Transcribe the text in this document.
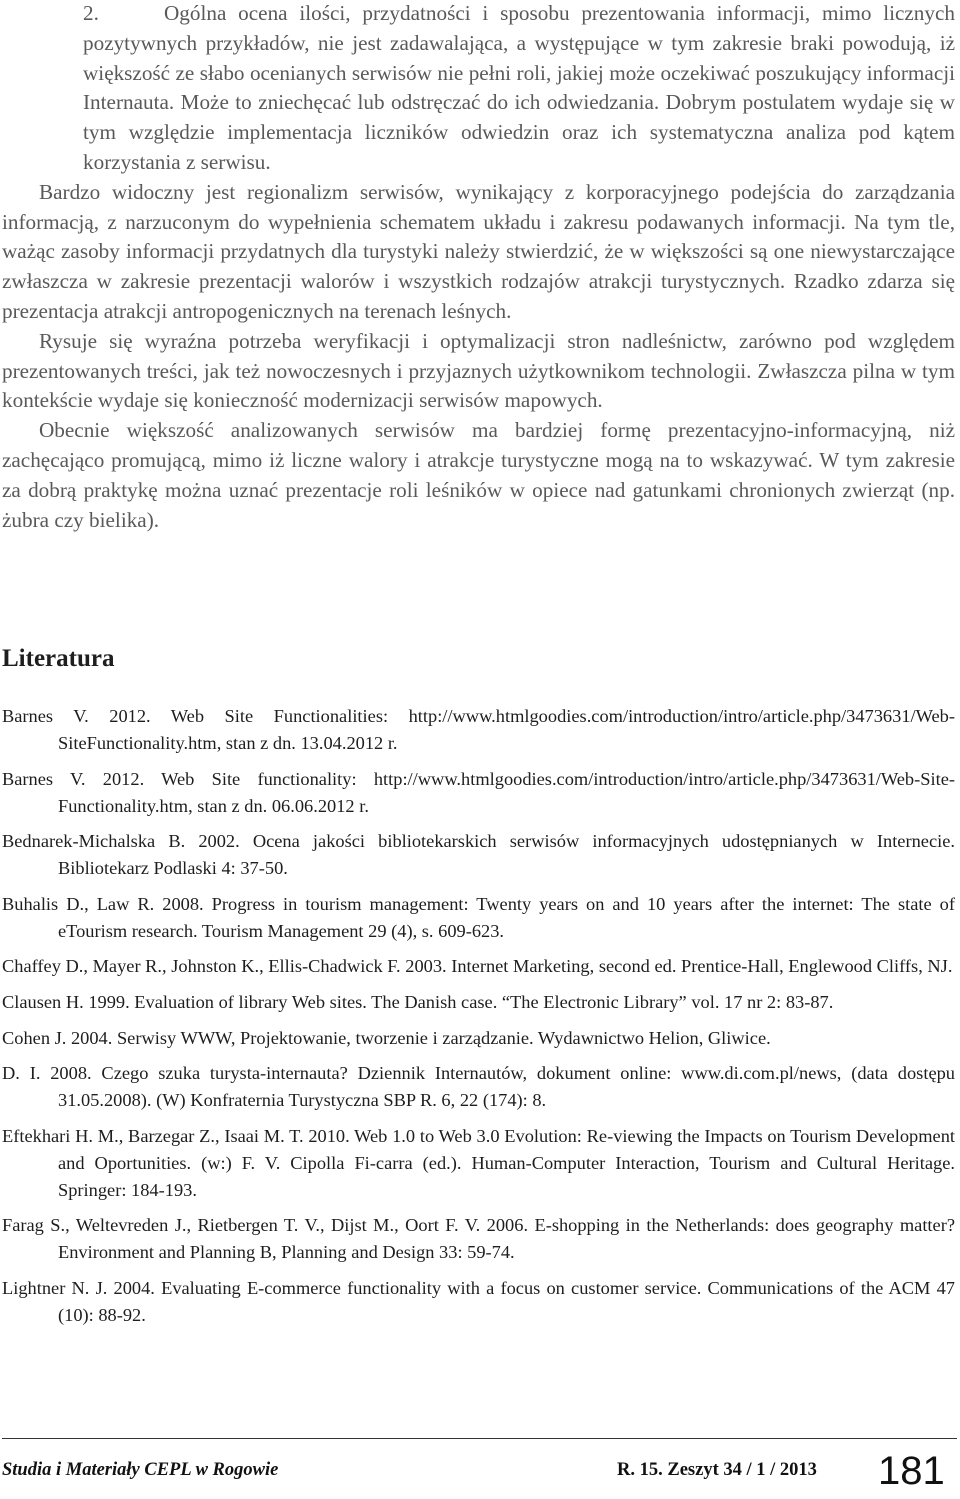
2.	Ogólna ocena ilości, przydatności i sposobu prezentowania informacji, mimo licznych pozytywnych przykładów, nie jest zadawalająca, a występujące w tym zakresie braki powodują, iż większość ze słabo ocenianych serwisów nie pełni roli, jakiej może oczekiwać poszukujący informacji Internauta. Może to zniechęcać lub odstręczać do ich odwiedzania. Dobrym postulatem wydaje się w tym względzie implementacja liczników odwiedzin oraz ich systematyczna analiza pod kątem korzystania z serwisu.

Bardzo widoczny jest regionalizm serwisów, wynikający z korporacyjnego podejścia do zarządzania informacją, z narzuconym do wypełnienia schematem układu i zakresu podawanych informacji. Na tym tle, ważąc zasoby informacji przydatnych dla turystyki należy stwierdzić, że w większości są one niewystarczające zwłaszcza w zakresie prezentacji walorów i wszystkich rodzajów atrakcji turystycznych. Rzadko zdarza się prezentacja atrakcji antropogenicznych na terenach leśnych.

Rysuje się wyraźna potrzeba weryfikacji i optymalizacji stron nadleśnictw, zarówno pod względem prezentowanych treści, jak też nowoczesnych i przyjaznych użytkownikom technologii. Zwłaszcza pilna w tym kontekście wydaje się konieczność modernizacji serwisów mapowych.

Obecnie większość analizowanych serwisów ma bardziej formę prezentacyjno-informacyjną, niż zachęcająco promującą, mimo iż liczne walory i atrakcje turystyczne mogą na to wskazywać. W tym zakresie za dobrą praktykę można uznać prezentacje roli leśników w opiece nad gatunkami chronionych zwierząt (np. żubra czy bielika).

Literatura
Barnes V. 2012. Web Site Functionalities: http://www.htmlgoodies.com/introduction/intro/article.php/3473631/Web-SiteFunctionality.htm, stan z dn. 13.04.2012 r.
Barnes V. 2012. Web Site functionality: http://www.htmlgoodies.com/introduction/intro/article.php/3473631/Web-Site-Functionality.htm, stan z dn. 06.06.2012 r.
Bednarek-Michalska B. 2002. Ocena jakości bibliotekarskich serwisów informacyjnych udostępnianych w Internecie. Bibliotekarz Podlaski 4: 37-50.
Buhalis D., Law R. 2008. Progress in tourism management: Twenty years on and 10 years after the internet: The state of eTourism research. Tourism Management 29 (4), s. 609-623.
Chaffey D., Mayer R., Johnston K., Ellis-Chadwick F. 2003. Internet Marketing, second ed. Prentice-Hall, Englewood Cliffs, NJ.
Clausen H. 1999. Evaluation of library Web sites. The Danish case. “The Electronic Library” vol. 17 nr 2: 83-87.
Cohen J. 2004. Serwisy WWW, Projektowanie, tworzenie i zarządzanie. Wydawnictwo Helion, Gliwice.
D. I. 2008. Czego szuka turysta-internauta? Dziennik Internautów, dokument online: www.di.com.pl/news, (data dostępu 31.05.2008). (W) Konfraternia Turystyczna SBP R. 6, 22 (174): 8.
Eftekhari H. M., Barzegar Z., Isaai M. T. 2010. Web 1.0 to Web 3.0 Evolution: Re-viewing the Impacts on Tourism Development and Oportunities. (w:) F. V. Cipolla Fi-carra (ed.). Human-Computer Interaction, Tourism and Cultural Heritage. Springer: 184-193.
Farag S., Weltevreden J., Rietbergen T. V., Dijst M., Oort F. V. 2006. E-shopping in the Netherlands: does geography matter? Environment and Planning B, Planning and Design 33: 59-74.
Lightner N. J. 2004. Evaluating E-commerce functionality with a focus on customer service. Communications of the ACM 47 (10): 88-92.
Studia i Materiały CEPL w Rogowie	R. 15. Zeszyt 34 / 1 / 2013 181
